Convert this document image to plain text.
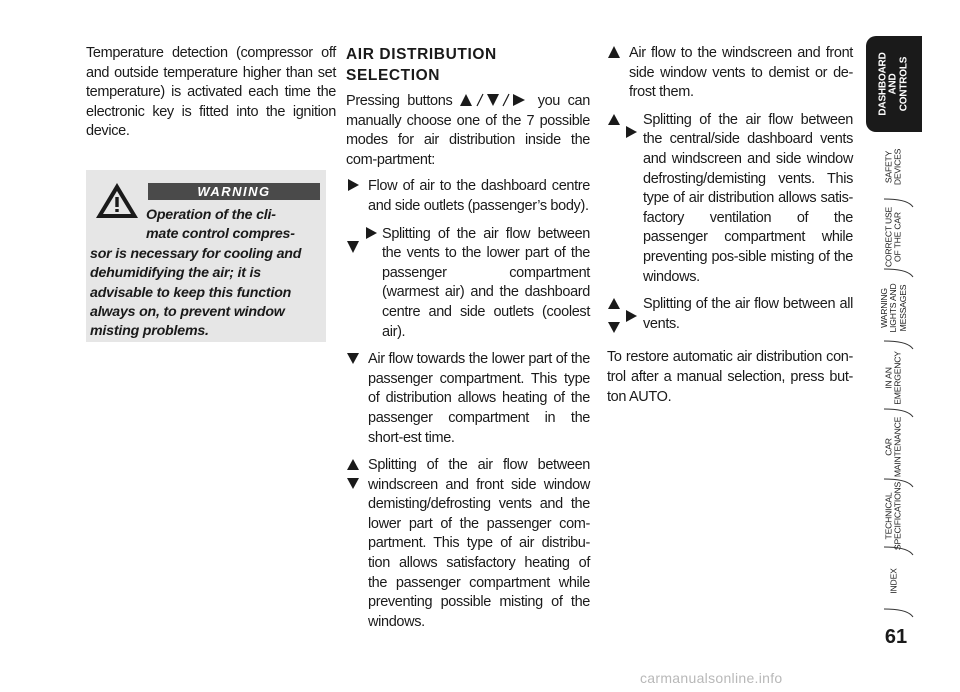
Temperature detection (compressor off and outside temperature higher than set temperature) is activated each time the electronic key is fitted into the ignition device.

WARNING
Operation of the cli-
mate control compres-
sor is necessary for cooling and dehumidifying the air; it is advisable to keep this function always on, to prevent window misting problems.
AIR DISTRIBUTION
SELECTION

Pressing buttons	you can manually choose one of the 7 possible modes for air distribution inside the com-partment:

Flow of air to the dashboard centre and side outlets (passenger’s body).
Splitting of the air flow between the vents to the lower part of the passenger compartment (warmest air) and the dashboard centre and side outlets (coolest air).
Air flow towards the lower part of the passenger compartment. This type of distribution allows heating of the passenger compartment in the short-est time.
Splitting of the air flow between windscreen and front side window demisting/defrosting vents and the lower part of the passenger com-partment. This type of air distribu-tion allows satisfactory heating of the passenger compartment while preventing possible misting of the windows.
Air flow to the windscreen and front side window vents to demist or de-frost them.
Splitting of the air flow between the central/side dashboard vents and windscreen and side window defrosting/demisting vents. This type of air distribution allows satis-factory ventilation of the passenger compartment while preventing pos-sible misting of the windows.
Splitting of the air flow between all vents.

To restore automatic air distribution con-trol after a manual selection, press but-ton AUTO.

DASHBOARD AND CONTROLS
SAFETY DEVICES
CORRECT USE OF THE CAR
WARNING LIGHTS AND MESSAGES
IN AN EMERGENCY
CAR MAINTENANCE
TECHNICAL SPECIFICATIONS
INDEX
61
carmanualsonline.info
